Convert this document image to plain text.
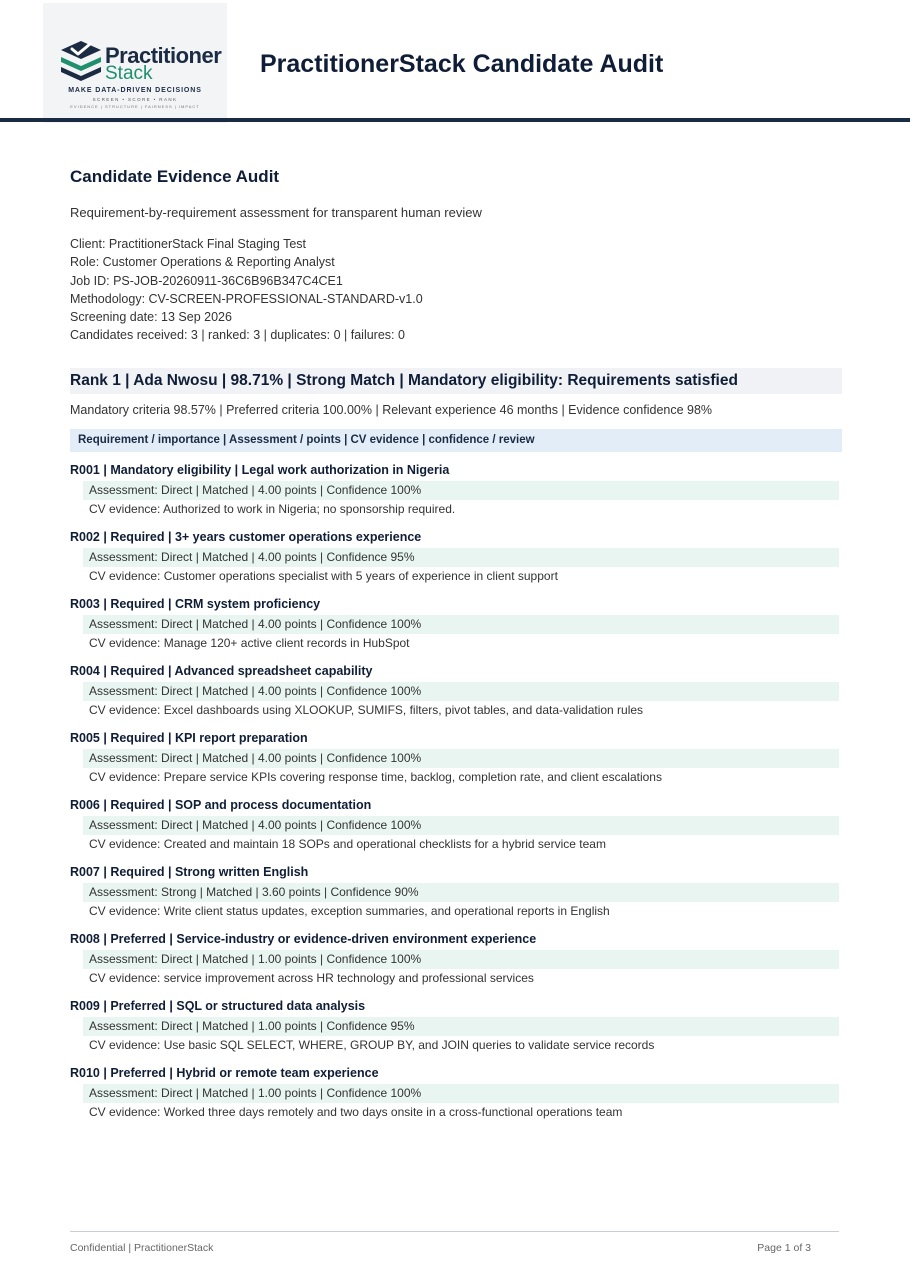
Practitioner
Stack
MAKE DATA-DRIVEN DECISIONS
SCREEN • SCORE • RANK
EVIDENCE | STRUCTURE | FAIRNESS | IMPACT
PractitionerStack Candidate Audit
Candidate Evidence Audit
Requirement-by-requirement assessment for transparent human review
Client: PractitionerStack Final Staging Test
Role: Customer Operations & Reporting Analyst
Job ID: PS-JOB-20260911-36C6B96B347C4CE1
Methodology: CV-SCREEN-PROFESSIONAL-STANDARD-v1.0
Screening date: 13 Sep 2026
Candidates received: 3 | ranked: 3 | duplicates: 0 | failures: 0
Rank 1 | Ada Nwosu | 98.71% | Strong Match | Mandatory eligibility: Requirements satisfied
Mandatory criteria 98.57% | Preferred criteria 100.00% | Relevant experience 46 months | Evidence confidence 98%
Requirement / importance | Assessment / points | CV evidence | confidence / review
R001 | Mandatory eligibility | Legal work authorization in Nigeria
Assessment: Direct | Matched | 4.00 points | Confidence 100%
CV evidence: Authorized to work in Nigeria; no sponsorship required.
R002 | Required | 3+ years customer operations experience
Assessment: Direct | Matched | 4.00 points | Confidence 95%
CV evidence: Customer operations specialist with 5 years of experience in client support
R003 | Required | CRM system proficiency
Assessment: Direct | Matched | 4.00 points | Confidence 100%
CV evidence: Manage 120+ active client records in HubSpot
R004 | Required | Advanced spreadsheet capability
Assessment: Direct | Matched | 4.00 points | Confidence 100%
CV evidence: Excel dashboards using XLOOKUP, SUMIFS, filters, pivot tables, and data-validation rules
R005 | Required | KPI report preparation
Assessment: Direct | Matched | 4.00 points | Confidence 100%
CV evidence: Prepare service KPIs covering response time, backlog, completion rate, and client escalations
R006 | Required | SOP and process documentation
Assessment: Direct | Matched | 4.00 points | Confidence 100%
CV evidence: Created and maintain 18 SOPs and operational checklists for a hybrid service team
R007 | Required | Strong written English
Assessment: Strong | Matched | 3.60 points | Confidence 90%
CV evidence: Write client status updates, exception summaries, and operational reports in English
R008 | Preferred | Service-industry or evidence-driven environment experience
Assessment: Direct | Matched | 1.00 points | Confidence 100%
CV evidence: service improvement across HR technology and professional services
R009 | Preferred | SQL or structured data analysis
Assessment: Direct | Matched | 1.00 points | Confidence 95%
CV evidence: Use basic SQL SELECT, WHERE, GROUP BY, and JOIN queries to validate service records
R010 | Preferred | Hybrid or remote team experience
Assessment: Direct | Matched | 1.00 points | Confidence 100%
CV evidence: Worked three days remotely and two days onsite in a cross-functional operations team
Confidential | PractitionerStack	Page 1 of 3
